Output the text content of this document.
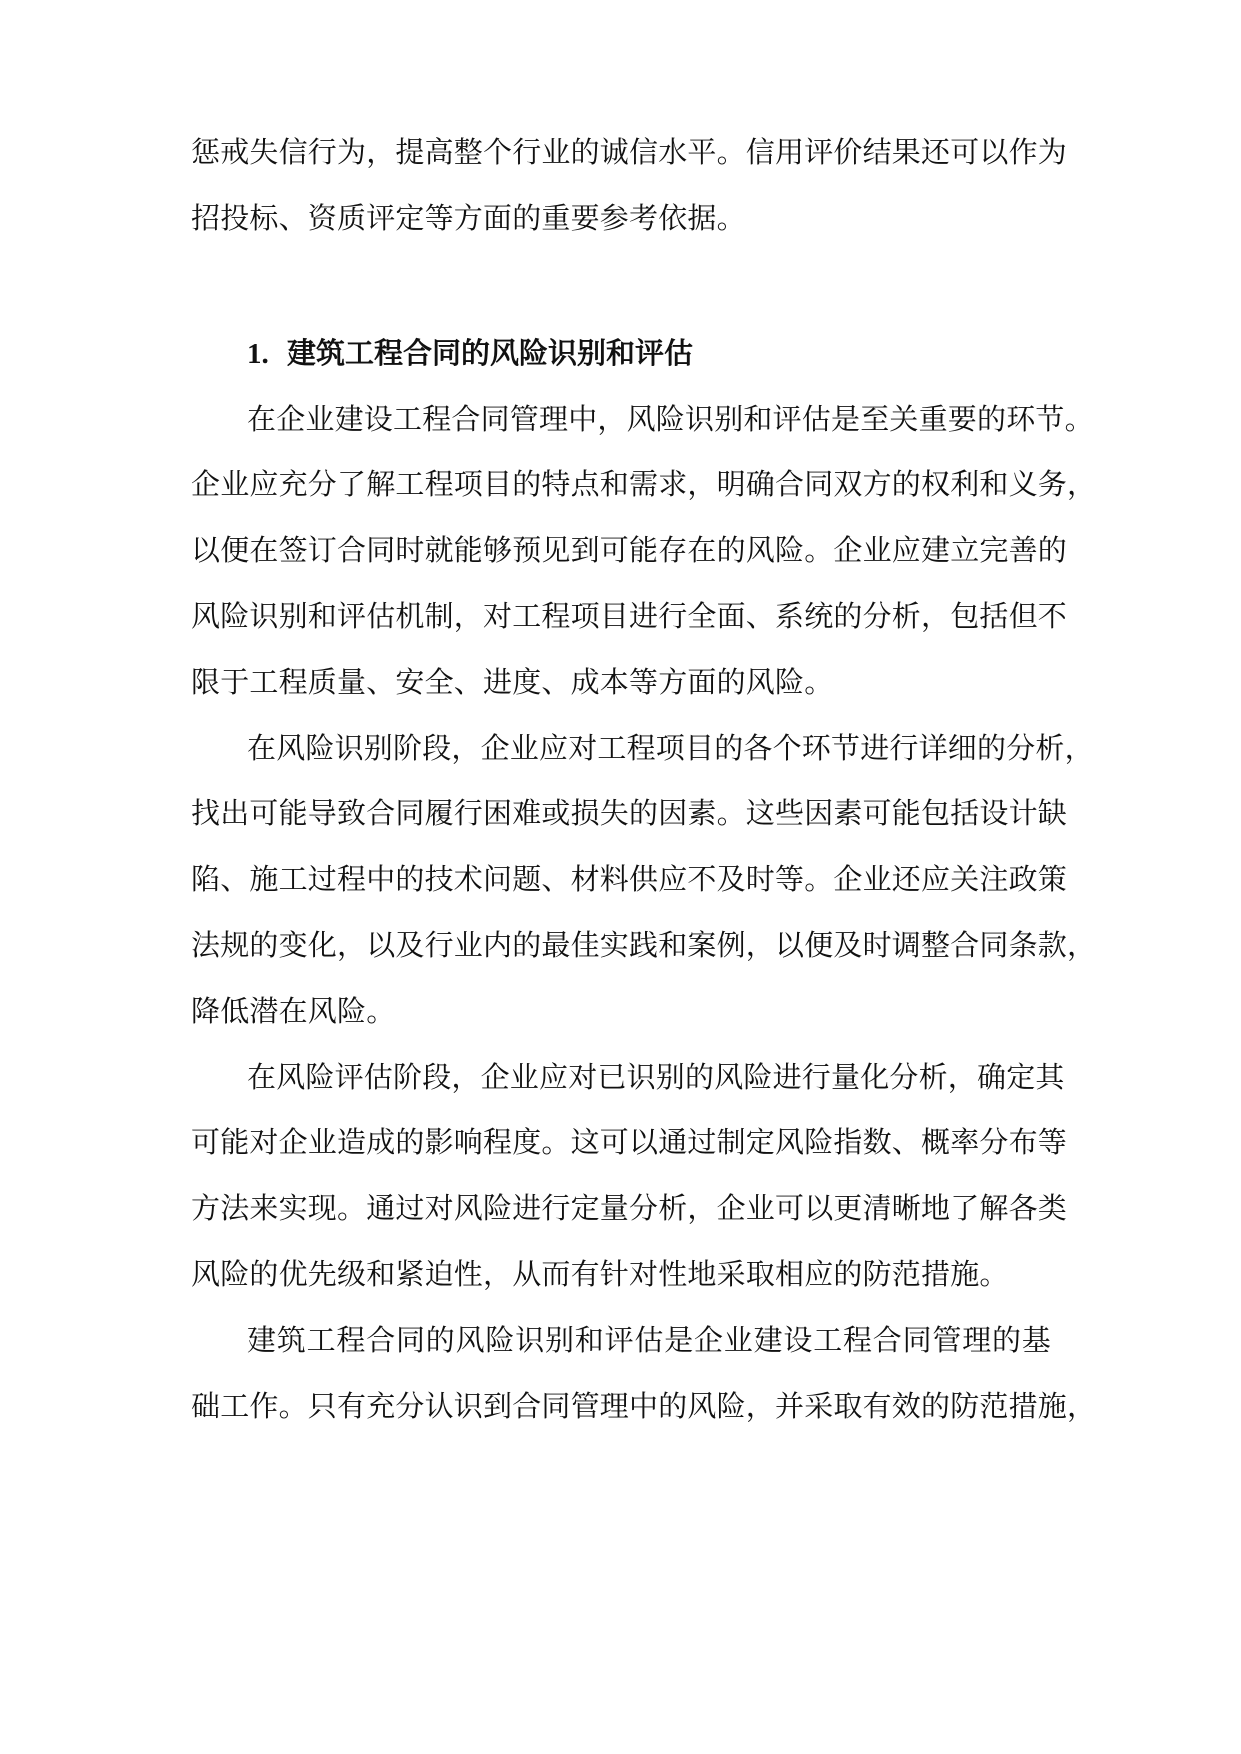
惩戒失信行为，提高整个行业的诚信水平。信用评价结果还可以作为
招投标、资质评定等方面的重要参考依据。
1. 建筑工程合同的风险识别和评估
在企业建设工程合同管理中，风险识别和评估是至关重要的环节。
企业应充分了解工程项目的特点和需求，明确合同双方的权利和义务，
以便在签订合同时就能够预见到可能存在的风险。企业应建立完善的
风险识别和评估机制，对工程项目进行全面、系统的分析，包括但不
限于工程质量、安全、进度、成本等方面的风险。
在风险识别阶段，企业应对工程项目的各个环节进行详细的分析，
找出可能导致合同履行困难或损失的因素。这些因素可能包括设计缺
陷、施工过程中的技术问题、材料供应不及时等。企业还应关注政策
法规的变化，以及行业内的最佳实践和案例，以便及时调整合同条款，
降低潜在风险。
在风险评估阶段，企业应对已识别的风险进行量化分析，确定其
可能对企业造成的影响程度。这可以通过制定风险指数、概率分布等
方法来实现。通过对风险进行定量分析，企业可以更清晰地了解各类
风险的优先级和紧迫性，从而有针对性地采取相应的防范措施。
建筑工程合同的风险识别和评估是企业建设工程合同管理的基
础工作。只有充分认识到合同管理中的风险，并采取有效的防范措施，
